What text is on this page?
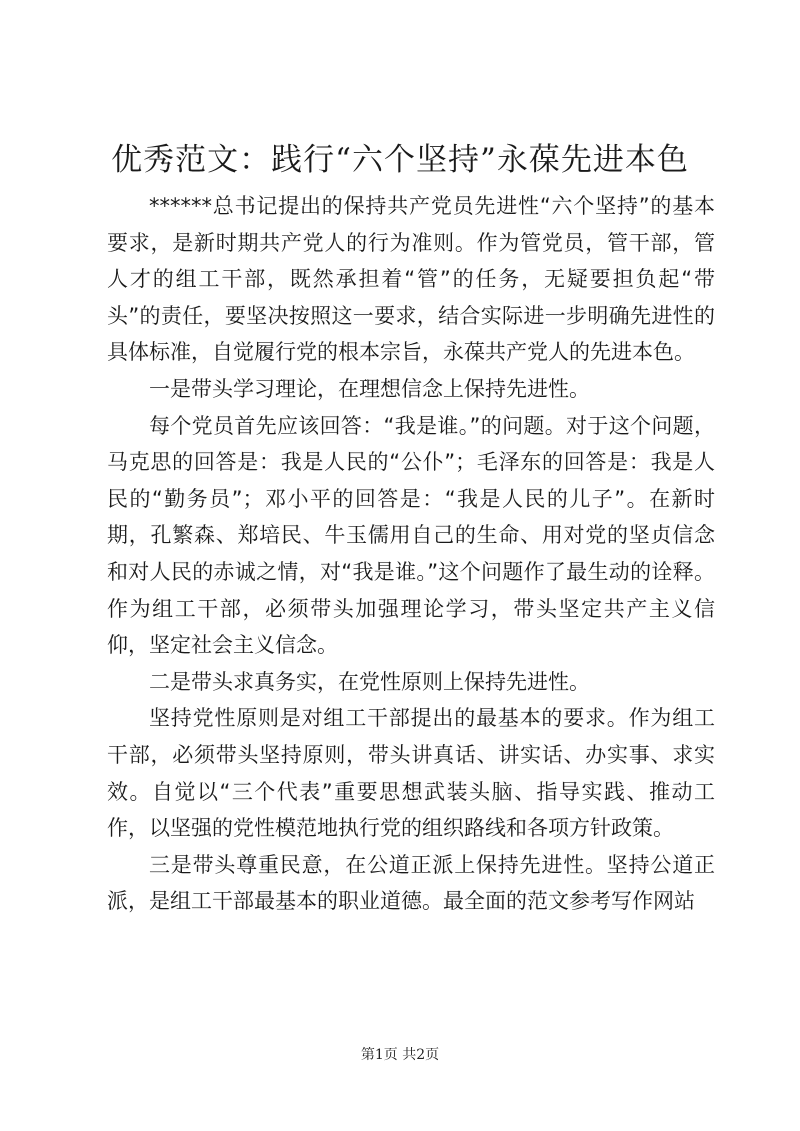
优秀范文：践行“六个坚持”永葆先进本色

******总书记提出的保持共产党员先进性“六个坚持”的基本要求，是新时期共产党人的行为准则。作为管党员，管干部，管人才的组工干部，既然承担着“管”的任务，无疑要担负起“带头”的责任，要坚决按照这一要求，结合实际进一步明确先进性的具体标准，自觉履行党的根本宗旨，永葆共产党人的先进本色。

一是带头学习理论，在理想信念上保持先进性。

每个党员首先应该回答：“我是谁。”的问题。对于这个问题，马克思的回答是：我是人民的“公仆”；毛泽东的回答是：我是人民的“勤务员”；邓小平的回答是：“我是人民的儿子”。在新时期，孔繁森、郑培民、牛玉儒用自己的生命、用对党的坚贞信念和对人民的赤诚之情，对“我是谁。”这个问题作了最生动的诠释。作为组工干部，必须带头加强理论学习，带头坚定共产主义信仰，坚定社会主义信念。

二是带头求真务实，在党性原则上保持先进性。

坚持党性原则是对组工干部提出的最基本的要求。作为组工干部，必须带头坚持原则，带头讲真话、讲实话、办实事、求实效。自觉以“三个代表”重要思想武装头脑、指导实践、推动工作，以坚强的党性模范地执行党的组织路线和各项方针政策。

三是带头尊重民意，在公道正派上保持先进性。坚持公道正派，是组工干部最基本的职业道德。最全面的范文参考写作网站

第1页 共2页
